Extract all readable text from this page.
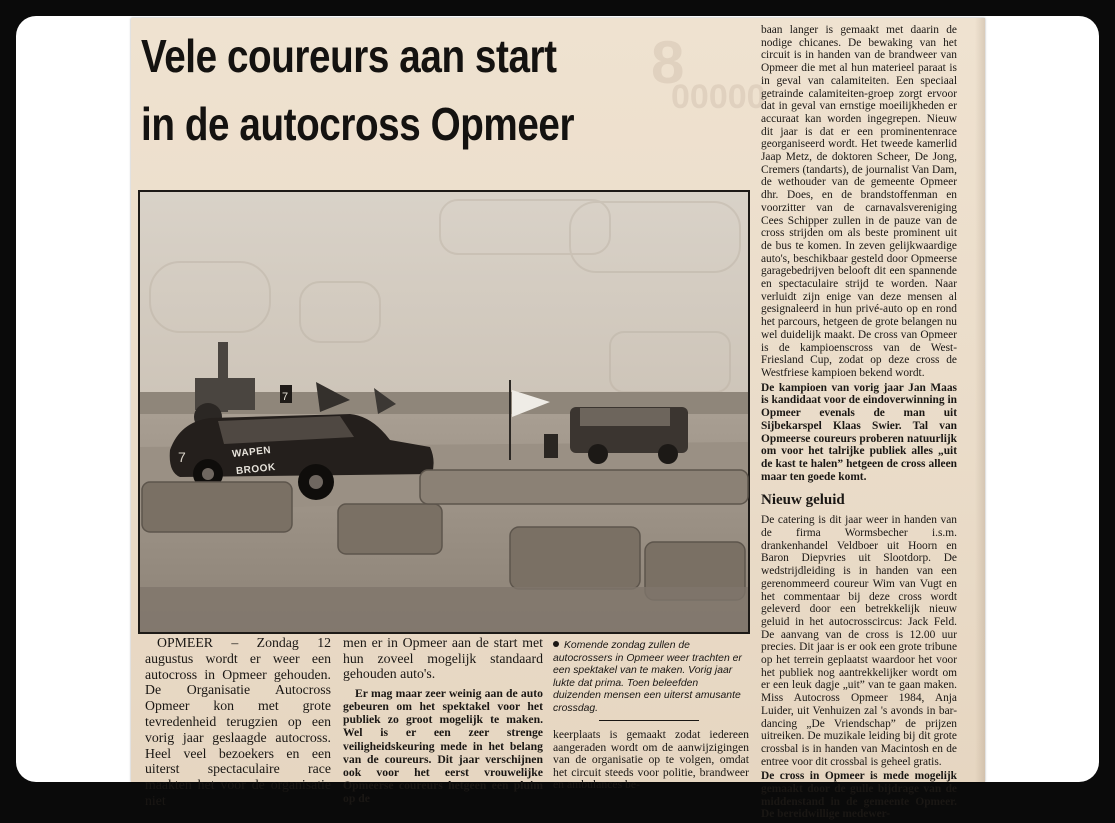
8
00000
Vele coureurs aan start
in de autocross Opmeer
7
7	WAPEN
BROOK

baan langer is gemaakt met daarin de nodige chicanes. De bewaking van het circuit is in handen van de brandweer van Opmeer die met al hun materieel paraat is in geval van calamiteiten. Een speciaal getrainde calamiteiten-groep zorgt ervoor dat in geval van ernstige moeilijkheden er accuraat kan worden ingegrepen. Nieuw dit jaar is dat er een prominentenrace georganiseerd wordt. Het tweede kamerlid Jaap Metz, de doktoren Scheer, De Jong, Cremers (tandarts), de journalist Van Dam, de wethouder van de gemeente Opmeer dhr. Does, en de brandstoffenman en voorzitter van de carnavalsvereniging Cees Schipper zullen in de pauze van de cross strijden om als beste prominent uit de bus te komen. In zeven gelijkwaardige auto's, beschikbaar gesteld door Opmeerse garagebedrijven belooft dit een spannende en spectaculaire strijd te worden. Naar verluidt zijn enige van deze mensen al gesignaleerd in hun privé-auto op en rond het parcours, hetgeen de grote belangen nu wel duidelijk maakt. De cross van Opmeer is de kampioenscross van de West-Friesland Cup, zodat op deze cross de Westfriese kampioen bekend wordt.

De kampioen van vorig jaar Jan Maas is kandidaat voor de eindoverwinning in Opmeer evenals de man uit Sijbekarspel Klaas Swier. Tal van Opmeerse coureurs proberen natuurlijk om voor het talrijke publiek alles „uit de kast te halen” hetgeen de cross alleen maar ten goede komt.

Nieuw geluid

De catering is dit jaar weer in handen van de firma Wormsbecher i.s.m. drankenhandel Veldboer uit Hoorn en Baron Diepvries uit Slootdorp. De wedstrijdleiding is in handen van een gerenommeerd coureur Wim van Vugt en het commentaar bij deze cross wordt geleverd door een betrekkelijk nieuw geluid in het autocrosscircus: Jack Feld. De aanvang van de cross is 12.00 uur precies. Dit jaar is er ook een grote tribune op het terrein geplaatst waardoor het voor het publiek nog aantrekkelijker wordt om er een leuk dagje „uit” van te gaan maken. Miss Autocross Opmeer 1984, Anja Luider, uit Venhuizen zal 's avonds in bar-dancing „De Vriendschap” de prijzen uitreiken. De muzikale leiding bij dit grote crossbal is in handen van Macintosh en de entree voor dit crossbal is geheel gratis.

De cross in Opmeer is mede mogelijk gemaakt door de gulle bijdrage van de middenstand in de gemeente Opmeer. De bereidwillige medewer-

OPMEER – Zondag 12 augustus wordt er weer een autocross in Opmeer gehouden. De Organisatie Autocross Opmeer kon met grote tevredenheid terugzien op een vorig jaar geslaagde autocross. Heel veel bezoekers en een uiterst spectaculaire race maakten het voor de organisatie niet

men er in Opmeer aan de start met hun zoveel mogelijk standaard gehouden auto's.

Er mag maar zeer weinig aan de auto gebeuren om het spektakel voor het publiek zo groot mogelijk te maken. Wel is er een zeer strenge veiligheidskeuring mede in het belang van de coureurs. Dit jaar verschijnen ook voor het eerst vrouwelijke Opmeerse coureurs hetgeen een pluim op de

Komende zondag zullen de autocrossers in Opmeer weer trachten er een spektakel van te maken. Vorig jaar lukte dat prima. Toen beleefden duizenden mensen een uiterst amusante crossdag.

keerplaats is gemaakt zodat iedereen aangeraden wordt om de aanwijzigingen van de organisatie op te volgen, omdat het circuit steeds voor politie, brandweer en ambulances be-
